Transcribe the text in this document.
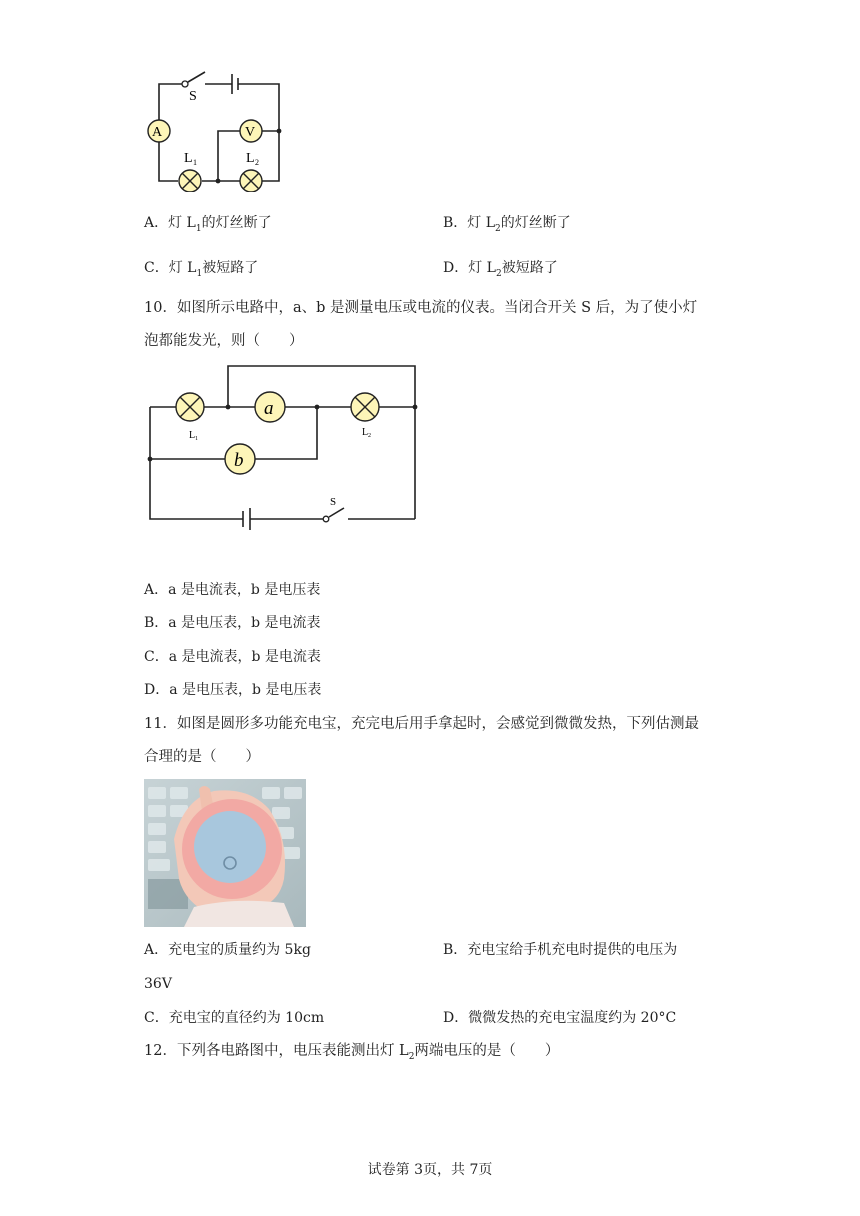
A	V
S
L 1	L 2
A．灯 $L_1$的灯丝断了	B．灯 $L_2$的灯丝断了
C．灯 $L_1$被短路了	D．灯 $L_2$被短路了
10．如图所示电路中，a、b 是测量电压或电流的仪表。当闭合开关 S 后，为了使小灯
泡都能发光，则（　　）
a
b
L 1
L 2
S
A．a 是电流表，b 是电压表
B．a 是电压表，b 是电流表
C．a 是电流表，b 是电流表
D．a 是电压表，b 是电压表
11．如图是圆形多功能充电宝，充完电后用手拿起时，会感觉到微微发热，下列估测最
合理的是（　　）
A．充电宝的质量约为 5kg	B．充电宝给手机充电时提供的电压为
36V
C．充电宝的直径约为 10cm	D．微微发热的充电宝温度约为 20°C
12．下列各电路图中，电压表能测出灯 $L_2$两端电压的是（　　）
试卷第 3页，共 7页
